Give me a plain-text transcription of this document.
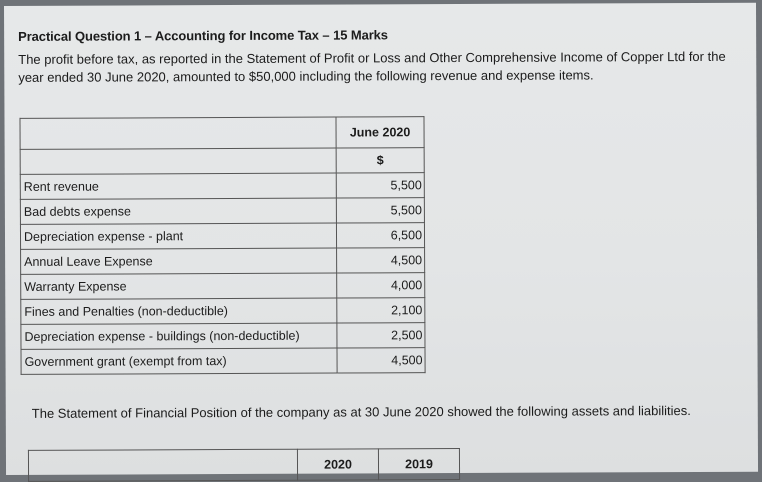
Practical Question 1 – Accounting for Income Tax – 15 Marks

The profit before tax, as reported in the Statement of Profit or Loss and Other Comprehensive Income of Copper Ltd for the year ended 30 June 2020, amounted to $50,000 including the following revenue and expense items.

	June 2020
	$
Rent revenue	5,500
Bad debts expense	5,500
Depreciation expense - plant	6,500
Annual Leave Expense	4,500
Warranty Expense	4,000
Fines and Penalties (non-deductible)	2,100
Depreciation expense - buildings (non-deductible)	2,500
Government grant (exempt from tax)	4,500

The Statement of Financial Position of the company as at 30 June 2020 showed the following assets and liabilities.

	2020	2019
